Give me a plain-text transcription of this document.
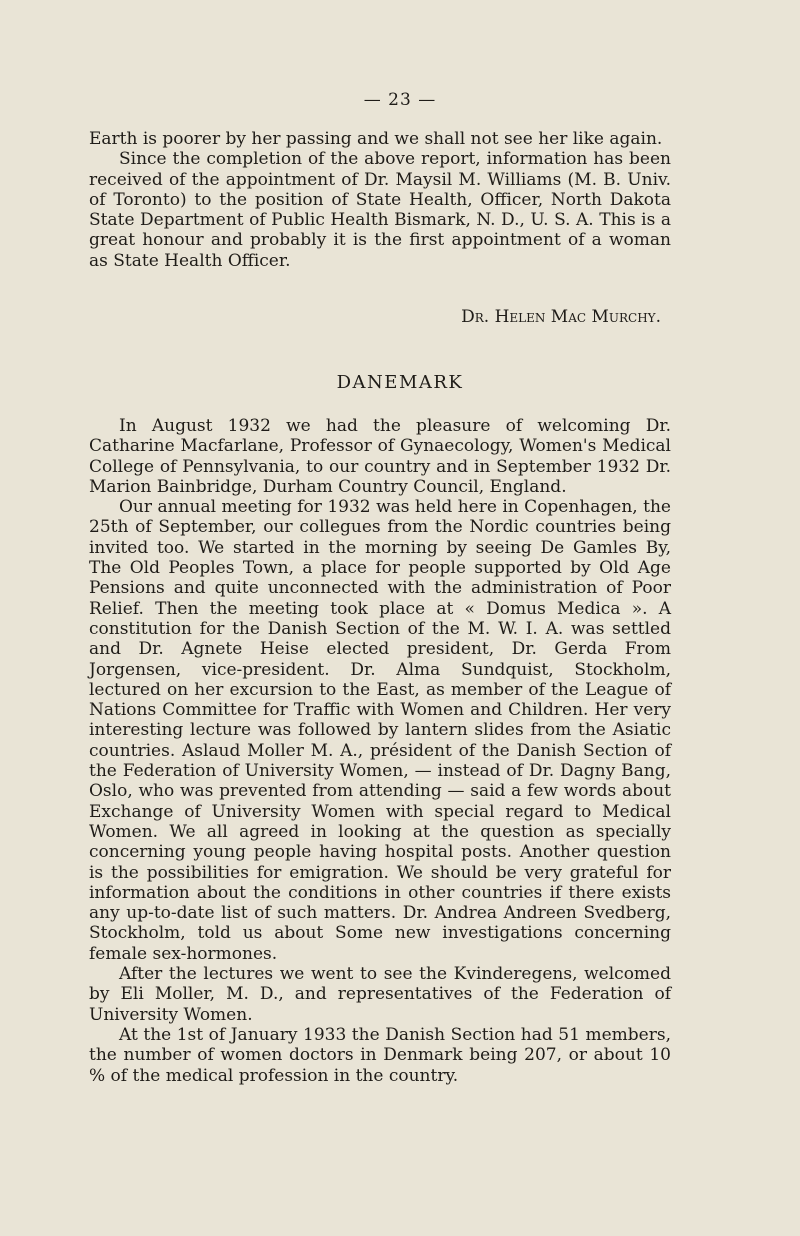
— 23 —

Earth is poorer by her passing and we shall not see her like again.

Since the completion of the above report, information has been received of the appointment of Dr. Maysil M. Williams (M. B. Univ. of Toronto) to the position of State Health, Officer, North Dakota State Department of Public Health Bismark, N. D., U. S. A. This is a great honour and probably it is the first appointment of a woman as State Health Officer.

Dr. Helen Mac Murchy.
DANEMARK

In August 1932 we had the pleasure of welcoming Dr. Catharine Macfarlane, Professor of Gynaecology, Women's Medical College of Pennsylvania, to our country and in September 1932 Dr. Marion Bainbridge, Durham Country Council, England.

Our annual meeting for 1932 was held here in Copenhagen, the 25th of September, our collegues from the Nordic countries being invited too. We started in the morning by seeing De Gamles By, The Old Peoples Town, a place for people supported by Old Age Pensions and quite unconnected with the administration of Poor Relief. Then the meeting took place at « Domus Medica ». A constitution for the Danish Section of the M. W. I. A. was settled and Dr. Agnete Heise elected president, Dr. Gerda From Jorgensen, vice-president. Dr. Alma Sundquist, Stockholm, lectured on her excursion to the East, as member of the League of Nations Committee for Traffic with Women and Children. Her very interesting lecture was followed by lantern slides from the Asiatic countries. Aslaud Moller M. A., président of the Danish Section of the Federation of University Women, — instead of Dr. Dagny Bang, Oslo, who was prevented from attending — said a few words about Exchange of University Women with special regard to Medical Women. We all agreed in looking at the question as specially concerning young people having hospital posts. Another question is the possibilities for emigration. We should be very grateful for information about the conditions in other countries if there exists any up-to-date list of such matters. Dr. Andrea Andreen Svedberg, Stockholm, told us about Some new investigations concerning female sex-hormones.

After the lectures we went to see the Kvinderegens, welcomed by Eli Moller, M. D., and representatives of the Federation of University Women.

At the 1st of January 1933 the Danish Section had 51 members, the number of women doctors in Denmark being 207, or about 10 % of the medical profession in the country.
